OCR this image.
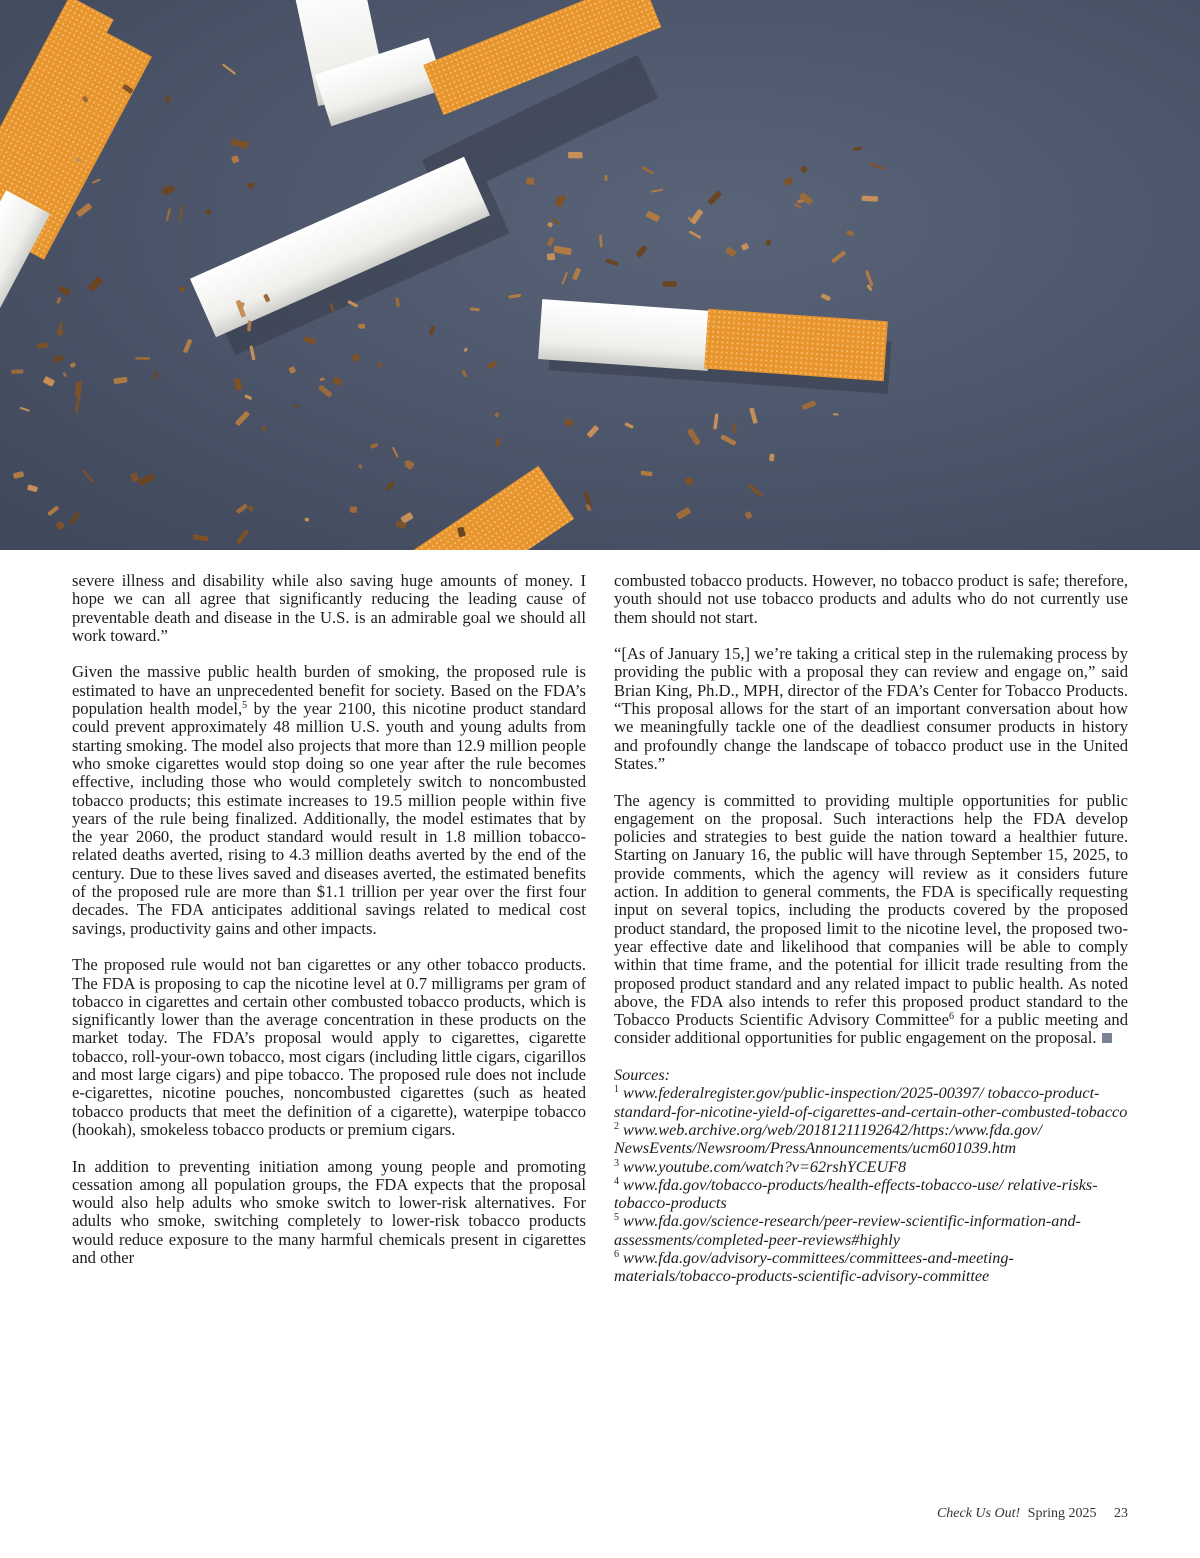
severe illness and disability while also saving huge amounts of money. I hope we can all agree that significantly reducing the leading cause of preventable death and disease in the U.S. is an admirable goal we should all work toward.”

Given the massive public health burden of smoking, the proposed rule is estimated to have an unprecedented benefit for society. Based on the FDA’s population health model,$^5$ by the year 2100, this nicotine product standard could prevent approximately 48 million U.S. youth and young adults from starting smoking. The model also projects that more than 12.9 million people who smoke cigarettes would stop doing so one year after the rule becomes effective, including those who would completely switch to noncombusted tobacco products; this estimate increases to 19.5 million people within five years of the rule being finalized. Additionally, the model estimates that by the year 2060, the product standard would result in 1.8 million tobacco-related deaths averted, rising to 4.3 million deaths averted by the end of the century. Due to these lives saved and diseases averted, the estimated benefits of the proposed rule are more than $1.1 trillion per year over the first four decades. The FDA anticipates additional savings related to medical cost savings, productivity gains and other impacts.

The proposed rule would not ban cigarettes or any other tobacco products. The FDA is proposing to cap the nicotine level at 0.7 milligrams per gram of tobacco in cigarettes and certain other combusted tobacco products, which is significantly lower than the average concentration in these products on the market today. The FDA’s proposal would apply to cigarettes, cigarette tobacco, roll-your-own tobacco, most cigars (including little cigars, cigarillos and most large cigars) and pipe tobacco. The proposed rule does not include e-cigarettes, nicotine pouches, noncombusted cigarettes (such as heated tobacco products that meet the definition of a cigarette), waterpipe tobacco (hookah), smokeless tobacco products or premium cigars.

In addition to preventing initiation among young people and promoting cessation among all population groups, the FDA expects that the proposal would also help adults who smoke switch to lower-risk alternatives. For adults who smoke, switching completely to lower-risk tobacco products would reduce exposure to the many harmful chemicals present in cigarettes and other

combusted tobacco products. However, no tobacco product is safe; therefore, youth should not use tobacco products and adults who do not currently use them should not start.

“[As of January 15,] we’re taking a critical step in the rulemaking process by providing the public with a proposal they can review and engage on,” said Brian King, Ph.D., MPH, director of the FDA’s Center for Tobacco Products. “This proposal allows for the start of an important conversation about how we meaningfully tackle one of the deadliest consumer products in history and profoundly change the landscape of tobacco product use in the United States.”

The agency is committed to providing multiple opportunities for public engagement on the proposal. Such interactions help the FDA develop policies and strategies to best guide the nation toward a healthier future. Starting on January 16, the public will have through September 15, 2025, to provide comments, which the agency will review as it considers future action. In addition to general comments, the FDA is specifically requesting input on several topics, including the products covered by the proposed product standard, the proposed limit to the nicotine level, the proposed two-year effective date and likelihood that companies will be able to comply within that time frame, and the potential for illicit trade resulting from the proposed product standard and any related impact to public health. As noted above, the FDA also intends to refer this proposed product standard to the Tobacco Products Scientific Advisory Committee$^6$ for a public meeting and consider additional opportunities for public engagement on the proposal.

Sources:
$^1$ www.federalregister.gov/public-inspection/2025-00397/ tobacco-product-standard-for-nicotine-yield-of-cigarettes-and-certain-other-combusted-tobacco
$^2$ www.web.archive.org/web/20181211192642/https:/www.fda.gov/ NewsEvents/Newsroom/PressAnnouncements/ucm601039.htm
$^3$ www.youtube.com/watch?v=62rshYCEUF8
$^4$ www.fda.gov/tobacco-products/health-effects-tobacco-use/ relative-risks-tobacco-products
$^5$ www.fda.gov/science-research/peer-review-scientific-information-and-assessments/completed-peer-reviews#highly
$^6$ www.fda.gov/advisory-committees/committees-and-meeting-materials/tobacco-products-scientific-advisory-committee
Check Us Out! Spring 2025 23
